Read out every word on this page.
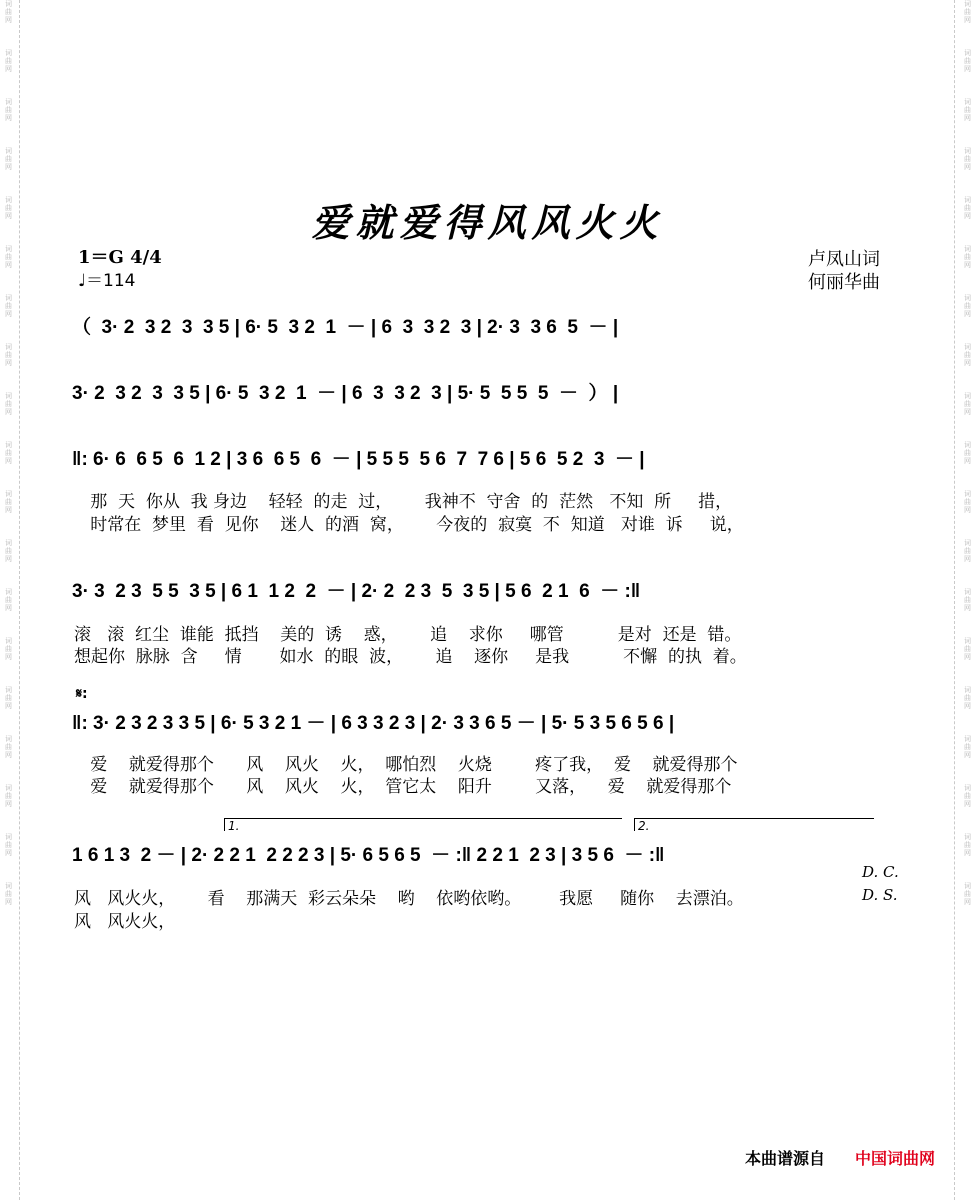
词曲网
词曲网
词曲网
词曲网
词曲网
词曲网
词曲网
词曲网
词曲网
词曲网
词曲网
词曲网
词曲网
词曲网
词曲网
词曲网
词曲网
词曲网
词曲网
词曲网
词曲网
词曲网
词曲网
词曲网
词曲网
词曲网
词曲网
词曲网
词曲网
词曲网
词曲网
词曲网
词曲网
词曲网
词曲网
词曲网
词曲网
词曲网
爱就爱得风风火火
1＝G 4/4
♩＝114
卢凤山词
何丽华曲
（  3· 2  3 2  3  3 5 | 6· 5  3 2  1  － | 6  3  3 2  3 | 2· 3  3 6  5  － |
3· 2  3 2  3  3 5 | 6· 5  3 2  1  － | 6  3  3 2  3 | 5· 5  5 5  5  －  ） |
‖: 6· 6  6 5  6  1 2 | 3 6  6 5  6  － | 5 5 5  5 6  7  7 6 | 5 6  5 2  3  － |
那  天  你从  我 身边    轻轻  的走  过，      我神不  守舍  的  茫然   不知  所     措，
时常在  梦里  看  见你    迷人  的酒  窝，      今夜的  寂寞  不  知道   对谁  诉     说，
3· 3  2 3  5 5  3 5 | 6 1  1 2  2  － | 2· 2  2 3  5  3 5 | 5 6  2 1  6  － :‖
滚   滚  红尘  谁能  抵挡    美的  诱    惑，      追    求你     哪管          是对  还是  错。
想起你  脉脉  含     情       如水  的眼  波，      追    逐你     是我          不懈  的执  着。
𝄋:
‖: 3· 2 3 2 3 3 5 | 6· 5 3 2 1 － | 6 3 3 2 3 | 2· 3 3 6 5 － | 5· 5 3 5 6 5 6 |
爱    就爱得那个      风    风火    火，  哪怕烈    火烧        疼了我，  爱    就爱得那个
爱    就爱得那个      风    风火    火，  管它太    阳升        又落，    爱    就爱得那个
1.	2.
1 6 1 3  2 － | 2· 2 2 1  2 2 2 3 | 5· 6 5 6 5  － :‖ 2 2 1  2 3 | 3 5 6  － :‖
D. C.
D. S.
风   风火火，      看    那满天  彩云朵朵    哟    依哟依哟。       我愿     随你    去漂泊。
风   风火火，
本曲谱源自 中国词曲网
